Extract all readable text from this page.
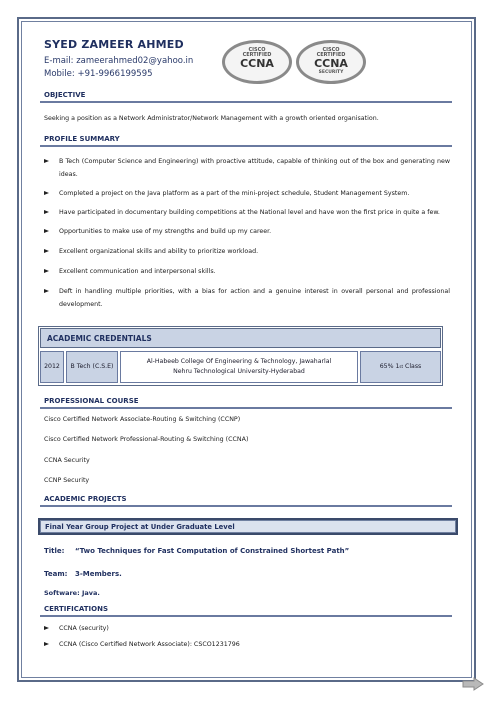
SYED ZAMEER AHMED
E-mail: zameerahmed02@yahoo.in
Mobile: +91-9966199595
CISCO
CERTIFIED
CCNA
CISCO
CERTIFIED
CCNA
SECURITY
OBJECTIVE
Seeking a position as a Network Administrator/Network Management with a growth oriented organisation.
PROFILE SUMMARY
B Tech (Computer Science and Engineering) with proactive attitude, capable of thinking out of the box and generating new ideas.
Completed a project on the Java platform as a part of the mini-project schedule, Student Management System.
Have participated in documentary building competitions at the National level and have won the first price in quite a few.
Opportunities to make use of my strengths and build up my career.
Excellent organizational skills and ability to prioritize workload.
Excellent communication and interpersonal skills.
Deft in handling multiple priorities, with a bias for action and a genuine interest in overall personal and professional development.
ACADEMIC CREDENTIALS
2012	B Tech (C.S.E)
Al-Habeeb College Of Engineering & Technology, Jawaharlal
Nehru Technological University-Hyderabad
65% 1 st Class
PROFESSIONAL COURSE
Cisco Certified Network Associate-Routing & Switching (CCNP)
Cisco Certified Network Professional-Routing & Switching (CCNA)
CCNA Security
CCNP Security
ACADEMIC PROJECTS
Final Year Group Project at Under Graduate Level
Title: “Two Techniques for Fast Computation of Constrained Shortest Path”
Team: 3-Members.
Software: Java.
CERTIFICATIONS
CCNA (security)
CCNA (Cisco Certified Network Associate): CSCO1231796
